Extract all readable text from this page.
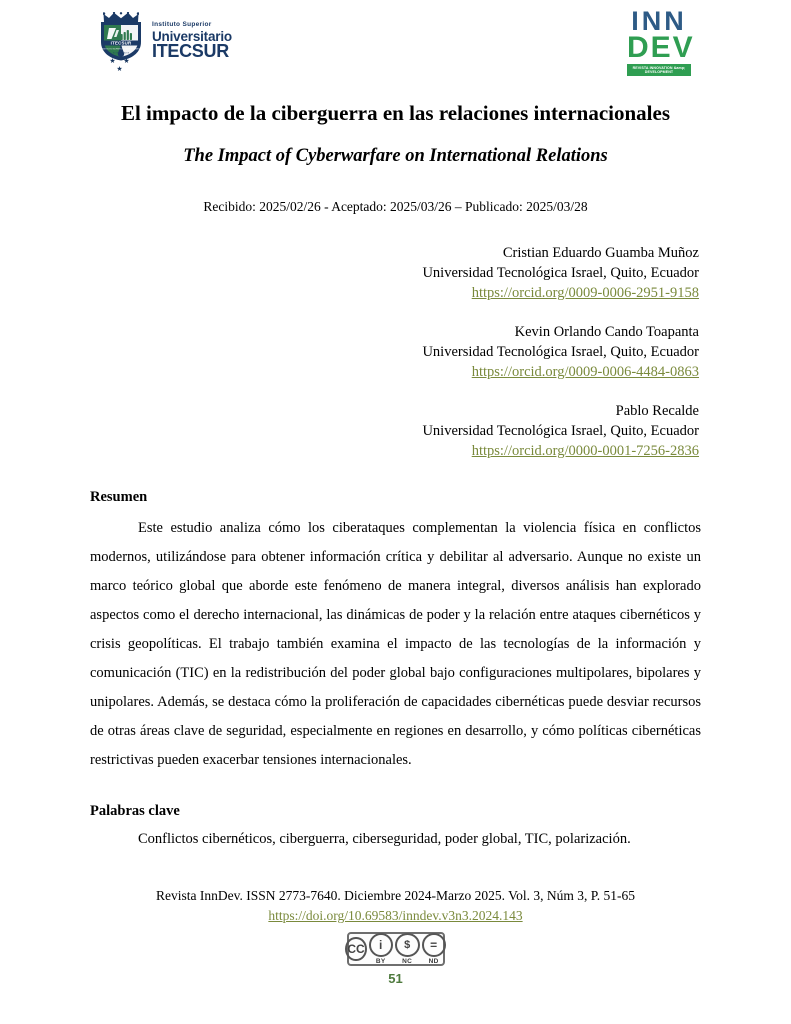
ITECSUR
INSTITUTO SUPERIOR UNIVERSITARIO
EL ORO-ECUADOR
★ ★ ★
Instituto Superior
Universitario
ITECSUR
INN
DEV
REVISTA INNOVATION &amp; DEVELOPMENT
El impacto de la ciberguerra en las relaciones internacionales
The Impact of Cyberwarfare on International Relations
Recibido: 2025/02/26 - Aceptado: 2025/03/26 – Publicado: 2025/03/28
Cristian Eduardo Guamba Muñoz
Universidad Tecnológica Israel, Quito, Ecuador
https://orcid.org/0009-0006-2951-9158
Kevin Orlando Cando Toapanta
Universidad Tecnológica Israel, Quito, Ecuador
https://orcid.org/0009-0006-4484-0863
Pablo Recalde
Universidad Tecnológica Israel, Quito, Ecuador
https://orcid.org/0000-0001-7256-2836
Resumen

Este estudio analiza cómo los ciberataques complementan la violencia física en conflictos modernos, utilizándose para obtener información crítica y debilitar al adversario. Aunque no existe un marco teórico global que aborde este fenómeno de manera integral, diversos análisis han explorado aspectos como el derecho internacional, las dinámicas de poder y la relación entre ataques cibernéticos y crisis geopolíticas. El trabajo también examina el impacto de las tecnologías de la información y comunicación (TIC) en la redistribución del poder global bajo configuraciones multipolares, bipolares y unipolares. Además, se destaca cómo la proliferación de capacidades cibernéticas puede desviar recursos de otras áreas clave de seguridad, especialmente en regiones en desarrollo, y cómo políticas cibernéticas restrictivas pueden exacerbar tensiones internacionales.

Palabras clave

Conflictos cibernéticos, ciberguerra, ciberseguridad, poder global, TIC, polarización.

Revista InnDev. ISSN 2773-7640. Diciembre 2024-Marzo 2025. Vol. 3, Núm 3, P. 51-65
https://doi.org/10.69583/inndev.v3n3.2024.143
CC	i
BY
$
NC
=
ND
51
